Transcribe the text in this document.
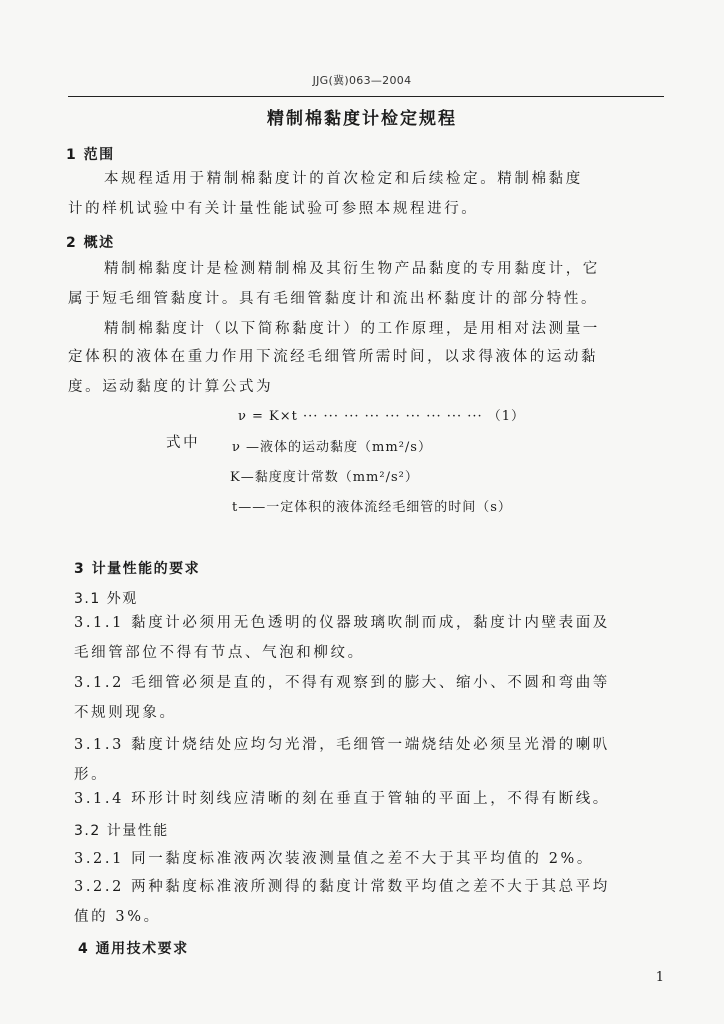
JJG(冀)063—2004
精制棉黏度计检定规程
1 范围
本规程适用于精制棉黏度计的首次检定和后续检定。精制棉黏度
计的样机试验中有关计量性能试验可参照本规程进行。
2 概述
精制棉黏度计是检测精制棉及其衍生物产品黏度的专用黏度计，它
属于短毛细管黏度计。具有毛细管黏度计和流出杯黏度计的部分特性。
精制棉黏度计（以下简称黏度计）的工作原理，是用相对法测量一
定体积的液体在重力作用下流经毛细管所需时间，以求得液体的运动黏
度。运动黏度的计算公式为
ν = K×t ··· ··· ··· ··· ··· ··· ··· ··· ··· （1）
式中 ν —液体的运动黏度（mm²/s）
K—黏度度计常数（mm²/s²）
t——一定体积的液体流经毛细管的时间（s）
3 计量性能的要求
3.1 外观
3.1.1 黏度计必须用无色透明的仪器玻璃吹制而成，黏度计内壁表面及
毛细管部位不得有节点、气泡和柳纹。
3.1.2 毛细管必须是直的，不得有观察到的膨大、缩小、不圆和弯曲等
不规则现象。
3.1.3 黏度计烧结处应均匀光滑，毛细管一端烧结处必须呈光滑的喇叭
形。
3.1.4 环形计时刻线应清晰的刻在垂直于管轴的平面上，不得有断线。
3.2 计量性能
3.2.1 同一黏度标准液两次装液测量值之差不大于其平均值的 2%。
3.2.2 两种黏度标准液所测得的黏度计常数平均值之差不大于其总平均
值的 3%。
4 通用技术要求
1
